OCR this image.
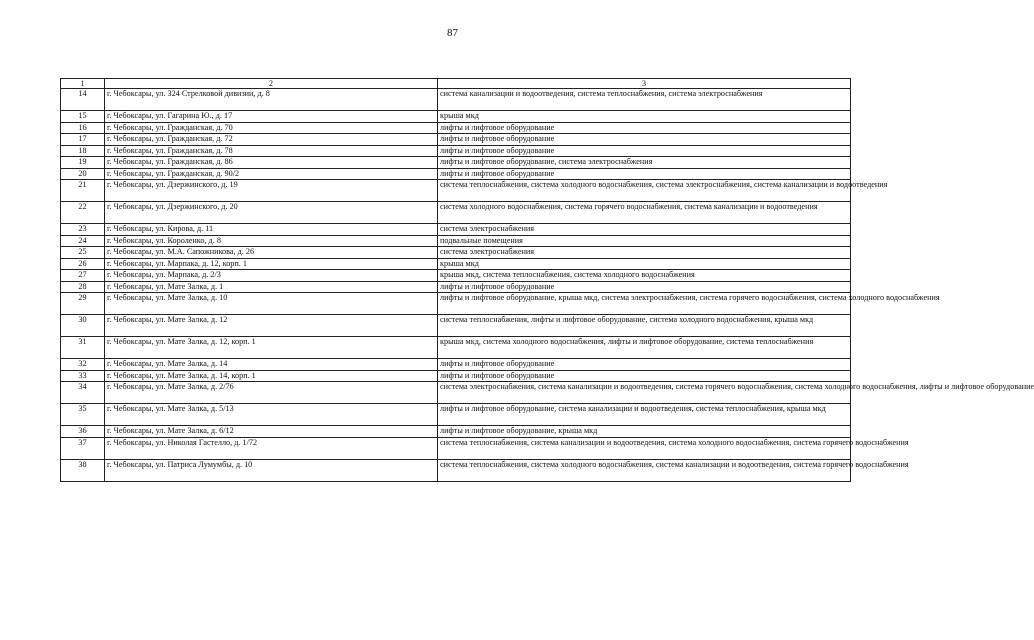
87
1	2	3
14	г. Чебоксары, ул. 324 Стрелковой дивизии, д. 8	система канализации и водоотведения, система теплоснабжения, система электроснабжения
15	г. Чебоксары, ул. Гагарина Ю., д. 17	крыша мкд
16	г. Чебоксары, ул. Гражданская, д. 70	лифты и лифтовое оборудование
17	г. Чебоксары, ул. Гражданская, д. 72	лифты и лифтовое оборудование
18	г. Чебоксары, ул. Гражданская, д. 78	лифты и лифтовое оборудование
19	г. Чебоксары, ул. Гражданская, д. 86	лифты и лифтовое оборудование, система электроснабжения
20	г. Чебоксары, ул. Гражданская, д. 90/2	лифты и лифтовое оборудование
21	г. Чебоксары, ул. Дзержинского, д. 19	система теплоснабжения, система холодного водоснабжения, система электроснабжения, система канализации и водоотведения
22	г. Чебоксары, ул. Дзержинского, д. 20	система холодного водоснабжения, система горячего водоснабжения, система канализации и водоотведения
23	г. Чебоксары, ул. Кирова, д. 11	система электроснабжения
24	г. Чебоксары, ул. Короленко, д. 8	подвальные помещения
25	г. Чебоксары, ул. М.А. Сапожникова, д. 26	система электроснабжения
26	г. Чебоксары, ул. Марпака, д. 12, корп. 1	крыша мкд
27	г. Чебоксары, ул. Марпака, д. 2/3	крыша мкд, система теплоснабжения, система холодного водоснабжения
28	г. Чебоксары, ул. Мате Залка, д. 1	лифты и лифтовое оборудование
29	г. Чебоксары, ул. Мате Залка, д. 10	лифты и лифтовое оборудование, крыша мкд, система электроснабжения, система горячего водоснабжения, система холодного водоснабжения
30	г. Чебоксары, ул. Мате Залка, д. 12	система теплоснабжения, лифты и лифтовое оборудование, система холодного водоснабжения, крыша мкд
31	г. Чебоксары, ул. Мате Залка, д. 12, корп. 1	крыша мкд, система холодного водоснабжения, лифты и лифтовое оборудование, система теплоснабжения
32	г. Чебоксары, ул. Мате Залка, д. 14	лифты и лифтовое оборудование
33	г. Чебоксары, ул. Мате Залка, д. 14, корп. 1	лифты и лифтовое оборудование
34	г. Чебоксары, ул. Мате Залка, д. 2/76	система электроснабжения, система канализации и водоотведения, система горячего водоснабжения, система холодного водоснабжения, лифты и лифтовое оборудование
35	г. Чебоксары, ул. Мате Залка, д. 5/13	лифты и лифтовое оборудование, система канализации и водоотведения, система теплоснабжения, крыша мкд
36	г. Чебоксары, ул. Мате Залка, д. 6/12	лифты и лифтовое оборудование, крыша мкд
37	г. Чебоксары, ул. Николая Гастелло, д. 1/72	система теплоснабжения, система канализации и водоотведения, система холодного водоснабжения, система горячего водоснабжения
38	г. Чебоксары, ул. Патриса Лумумбы, д. 10	система теплоснабжения, система холодного водоснабжения, система канализации и водоотведения, система горячего водоснабжения
